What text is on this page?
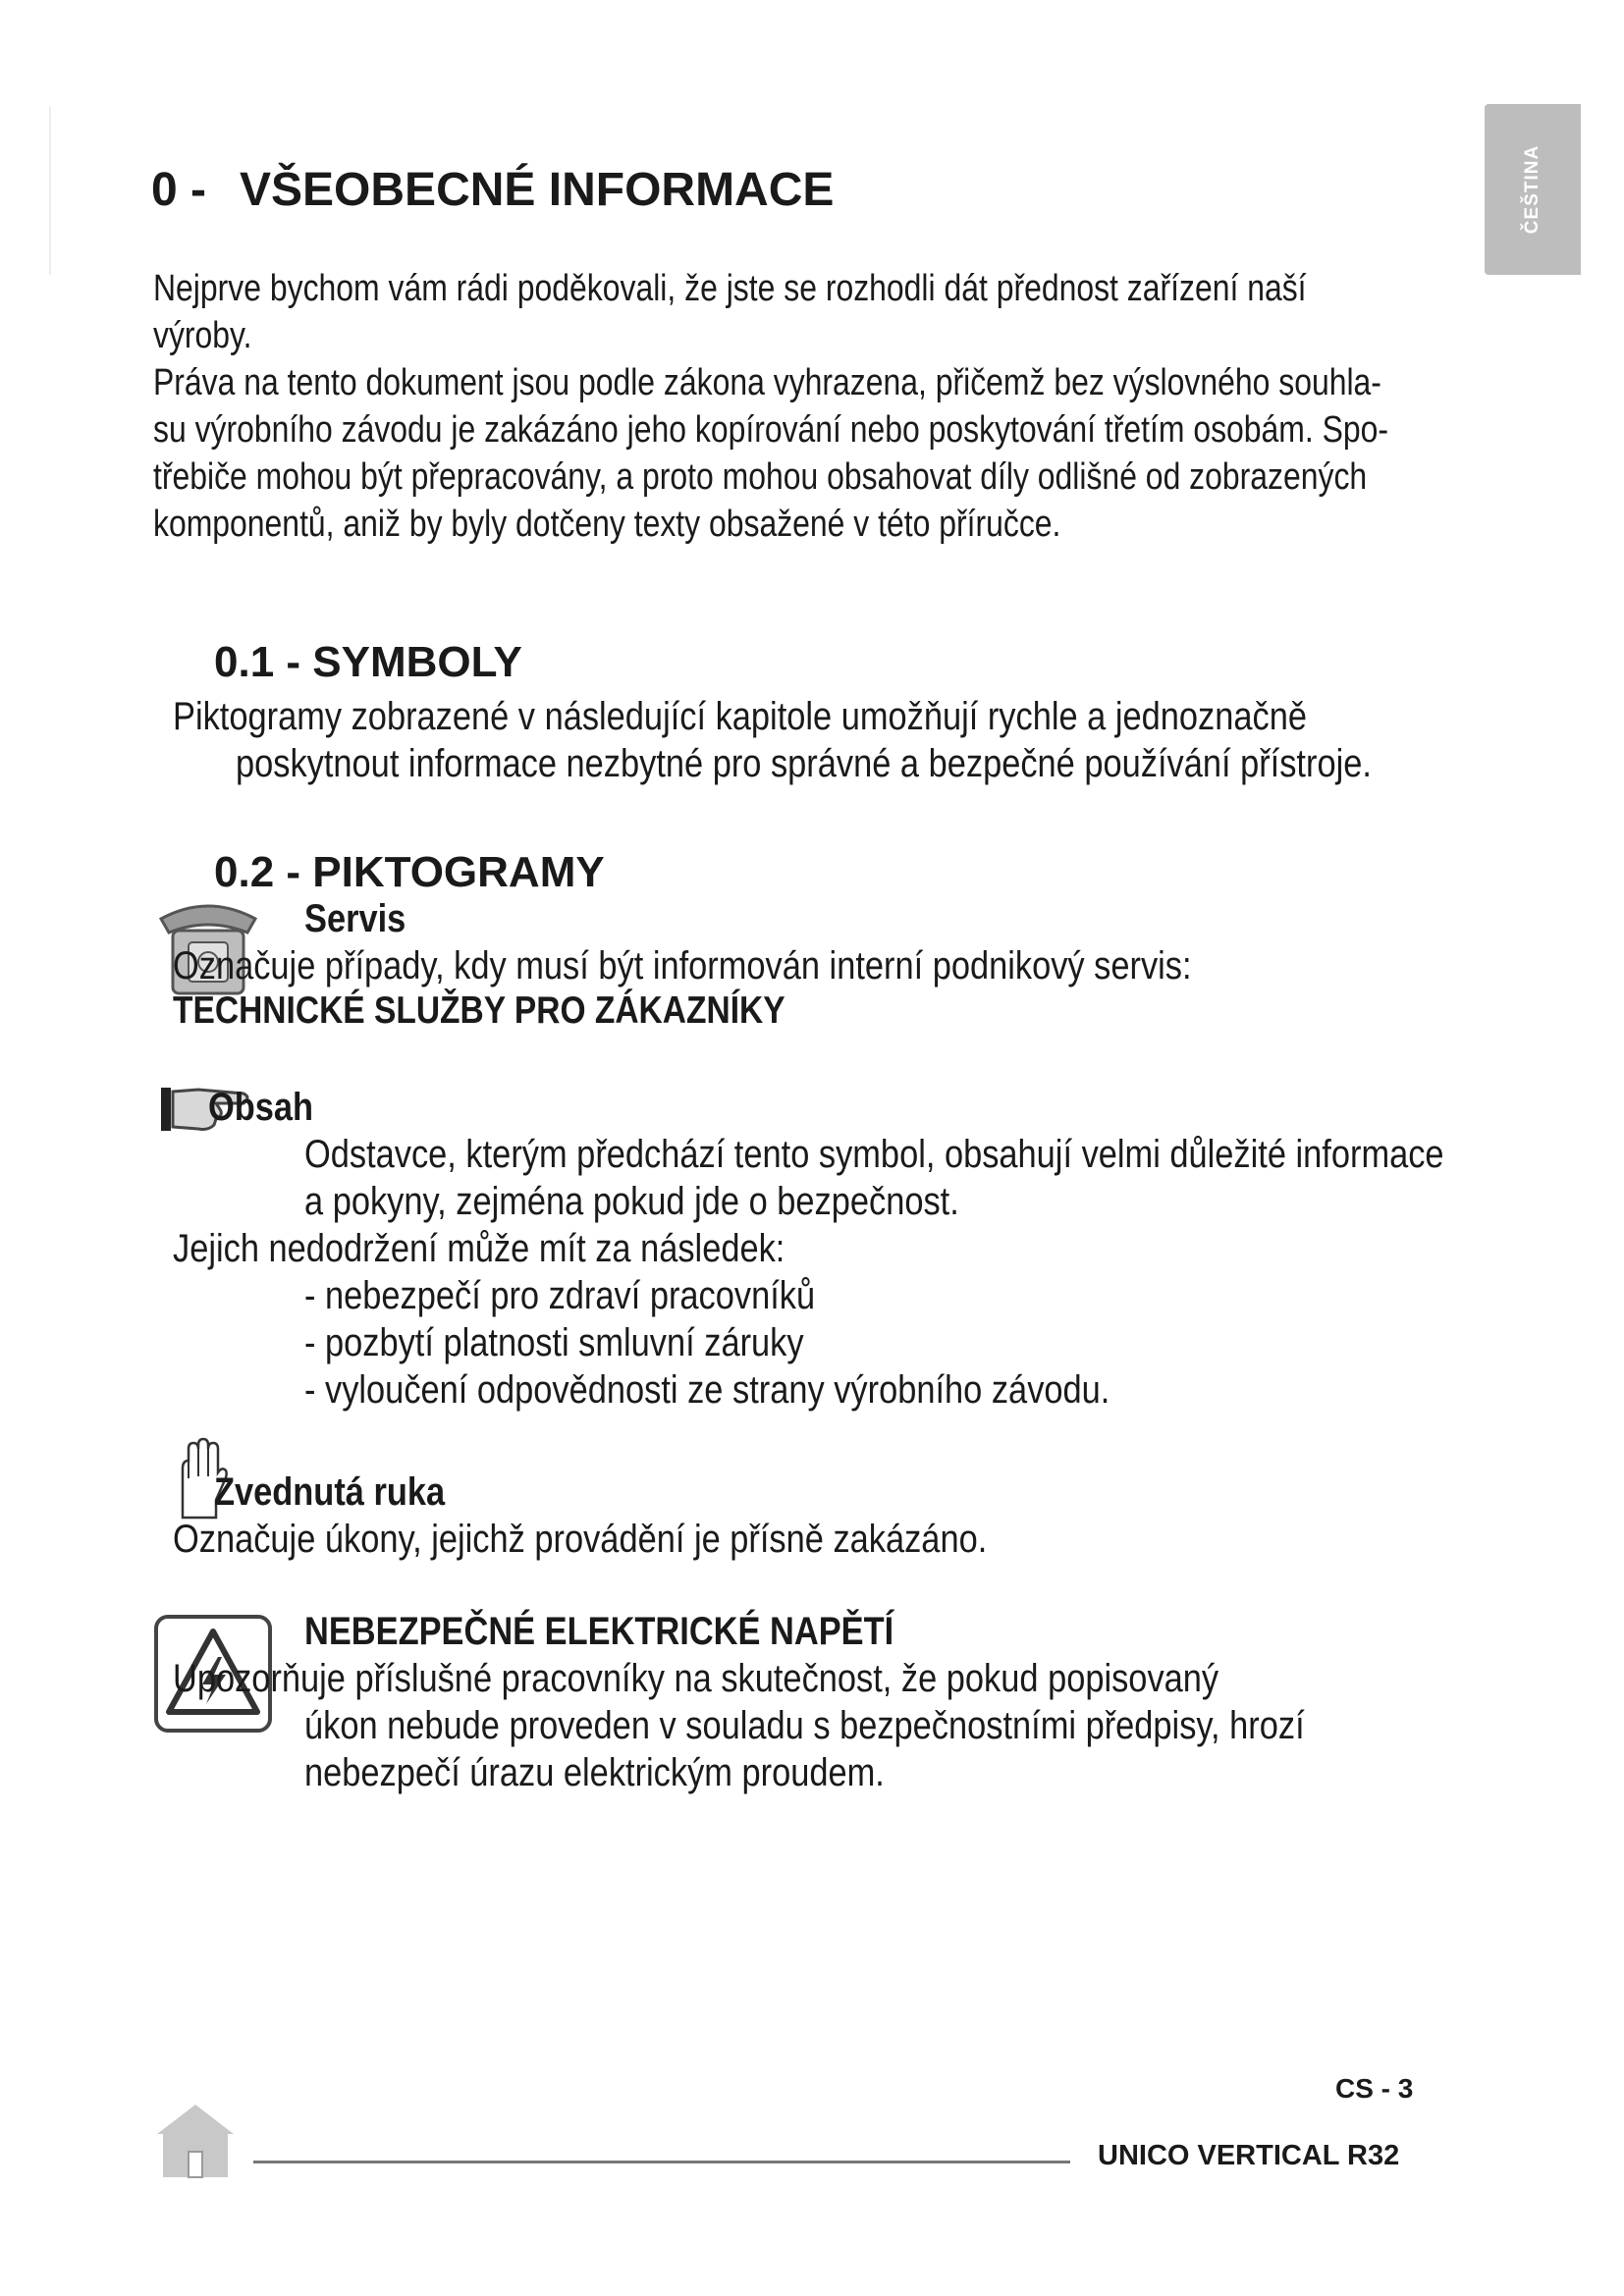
ČEŠTINA
0 - VŠEOBECNÉ INFORMACE
Nejprve bychom vám rádi poděkovali, že jste se rozhodli dát přednost zařízení naší
výroby.
Práva na tento dokument jsou podle zákona vyhrazena, přičemž bez výslovného souhla-
su výrobního závodu je zakázáno jeho kopírování nebo poskytování třetím osobám. Spo-
třebiče mohou být přepracovány, a proto mohou obsahovat díly odlišné od zobrazených
komponentů, aniž by byly dotčeny texty obsažené v této příručce.
0.1 - SYMBOLY
Piktogramy zobrazené v následující kapitole umožňují rychle a jednoznačně
poskytnout informace nezbytné pro správné a bezpečné používání přístroje.
0.2 - PIKTOGRAMY
Servis
Označuje případy, kdy musí být informován interní podnikový servis:
TECHNICKÉ SLUŽBY PRO ZÁKAZNÍKY
Obsah
Odstavce, kterým předchází tento symbol, obsahují velmi důležité informace
a pokyny, zejména pokud jde o bezpečnost.
Jejich nedodržení může mít za následek:
- nebezpečí pro zdraví pracovníků
- pozbytí platnosti smluvní záruky
- vyloučení odpovědnosti ze strany výrobního závodu.
Zvednutá ruka
Označuje úkony, jejichž provádění je přísně zakázáno.
NEBEZPEČNÉ ELEKTRICKÉ NAPĚTÍ
Upozorňuje příslušné pracovníky na skutečnost, že pokud popisovaný
úkon nebude proveden v souladu s bezpečnostními předpisy, hrozí
nebezpečí úrazu elektrickým proudem.
CS - 3
UNICO VERTICAL R32
